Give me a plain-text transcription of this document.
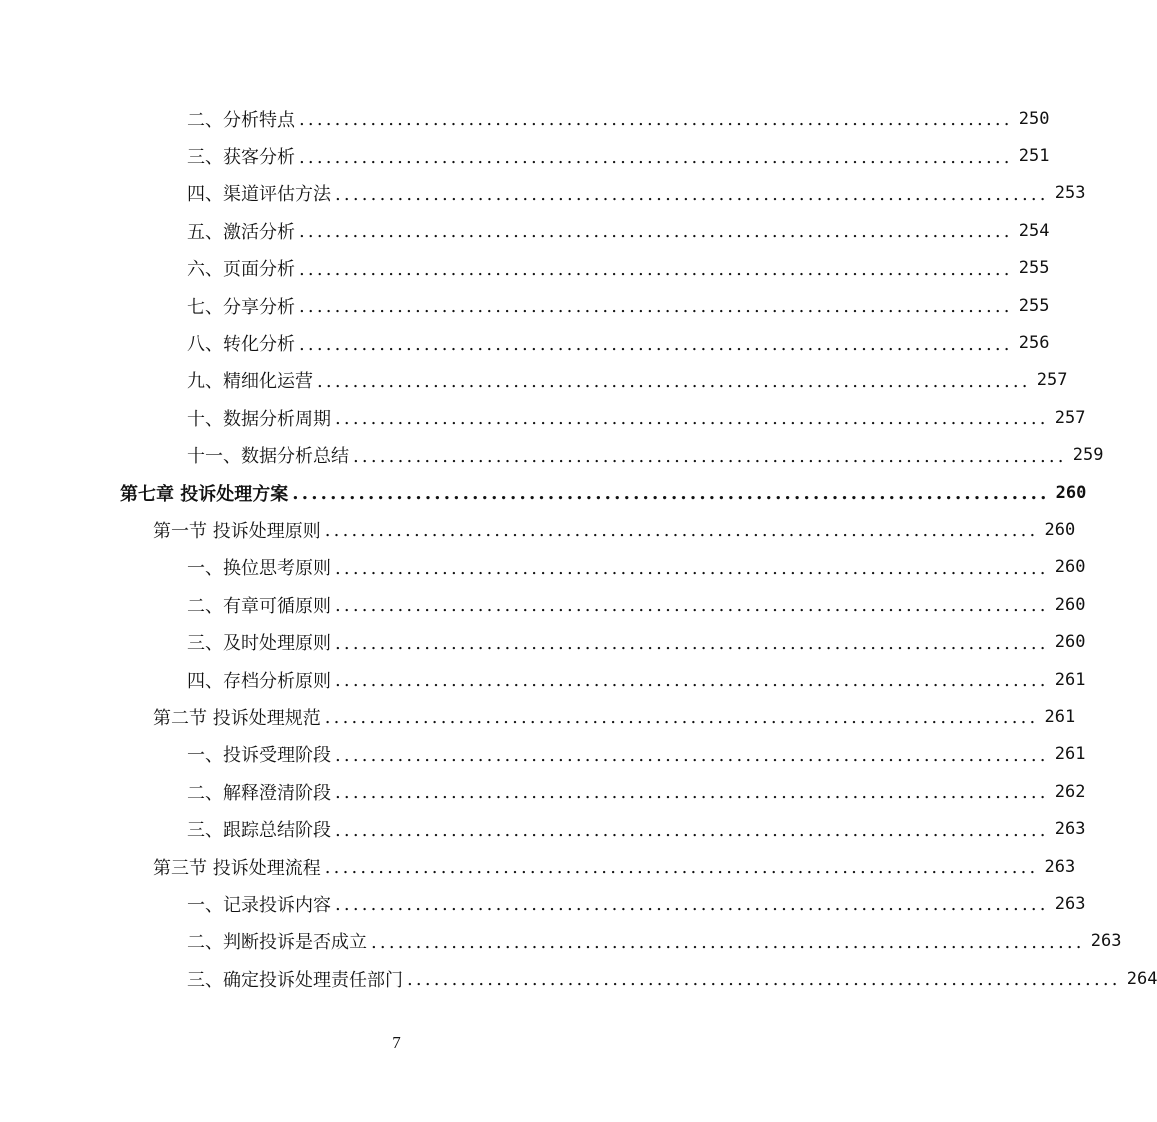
二、分析特点 ................................................................................ 250
三、获客分析 ................................................................................ 251
四、渠道评估方法 ................................................................................ 253
五、激活分析 ................................................................................ 254
六、页面分析 ................................................................................ 255
七、分享分析 ................................................................................ 255
八、转化分析 ................................................................................ 256
九、精细化运营 ................................................................................ 257
十、数据分析周期 ................................................................................ 257
十一、数据分析总结 ................................................................................ 259
第七章 投诉处理方案 ................................................................................ 260
第一节 投诉处理原则 ................................................................................ 260
一、换位思考原则 ................................................................................ 260
二、有章可循原则 ................................................................................ 260
三、及时处理原则 ................................................................................ 260
四、存档分析原则 ................................................................................ 261
第二节 投诉处理规范 ................................................................................ 261
一、投诉受理阶段 ................................................................................ 261
二、解释澄清阶段 ................................................................................ 262
三、跟踪总结阶段 ................................................................................ 263
第三节 投诉处理流程 ................................................................................ 263
一、记录投诉内容 ................................................................................ 263
二、判断投诉是否成立 ................................................................................ 263
三、确定投诉处理责任部门 ................................................................................ 264
7
